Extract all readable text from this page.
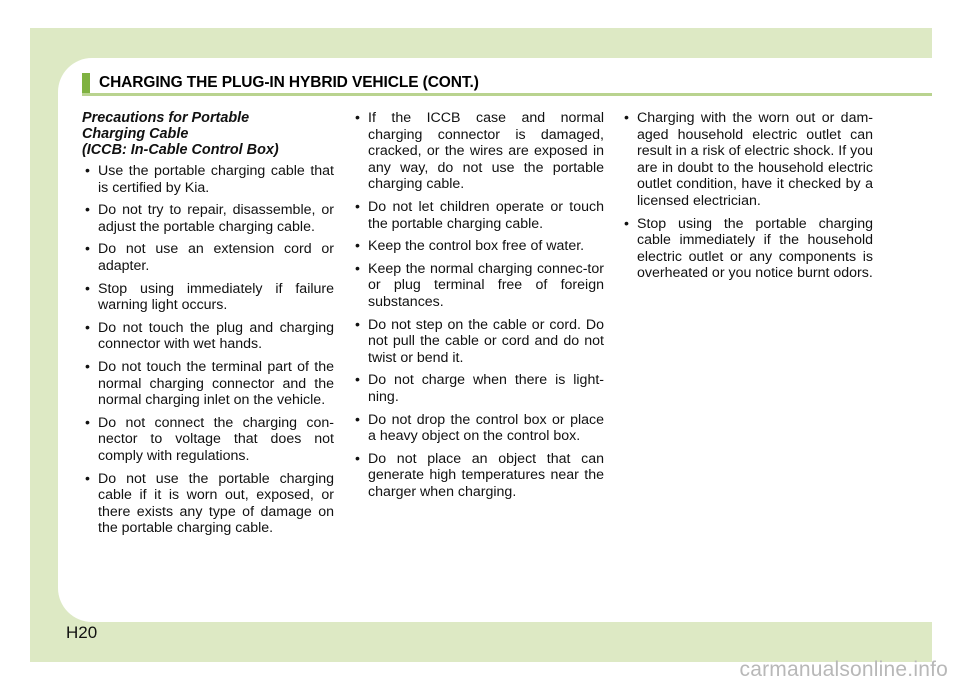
CHARGING THE PLUG-IN HYBRID VEHICLE (CONT.)
Precautions for Portable
Charging Cable
(ICCB: In-Cable Control Box)
• Use the portable charging cable that is certified by Kia.
• Do not try to repair, disassemble, or adjust the portable charging cable.
• Do not use an extension cord or adapter.
• Stop using immediately if failure warning light occurs.
• Do not touch the plug and charging connector with wet hands.
• Do not touch the terminal part of the normal charging connector and the normal charging inlet on the vehicle.
• Do not connect the charging con-nector to voltage that does not comply with regulations.
• Do not use the portable charging cable if it is worn out, exposed, or there exists any type of damage on the portable charging cable.
• If the ICCB case and normal charging connector is damaged, cracked, or the wires are exposed in any way, do not use the portable charging cable.
• Do not let children operate or touch the portable charging cable.
• Keep the control box free of water.
• Keep the normal charging connec-tor or plug terminal free of foreign substances.
• Do not step on the cable or cord. Do not pull the cable or cord and do not twist or bend it.
• Do not charge when there is light-ning.
• Do not drop the control box or place a heavy object on the control box.
• Do not place an object that can generate high temperatures near the charger when charging.
• Charging with the worn out or dam-aged household electric outlet can result in a risk of electric shock. If you are in doubt to the household electric outlet condition, have it checked by a licensed electrician.
• Stop using the portable charging cable immediately if the household electric outlet or any components is overheated or you notice burnt odors.
H20
carmanualsonline.info
